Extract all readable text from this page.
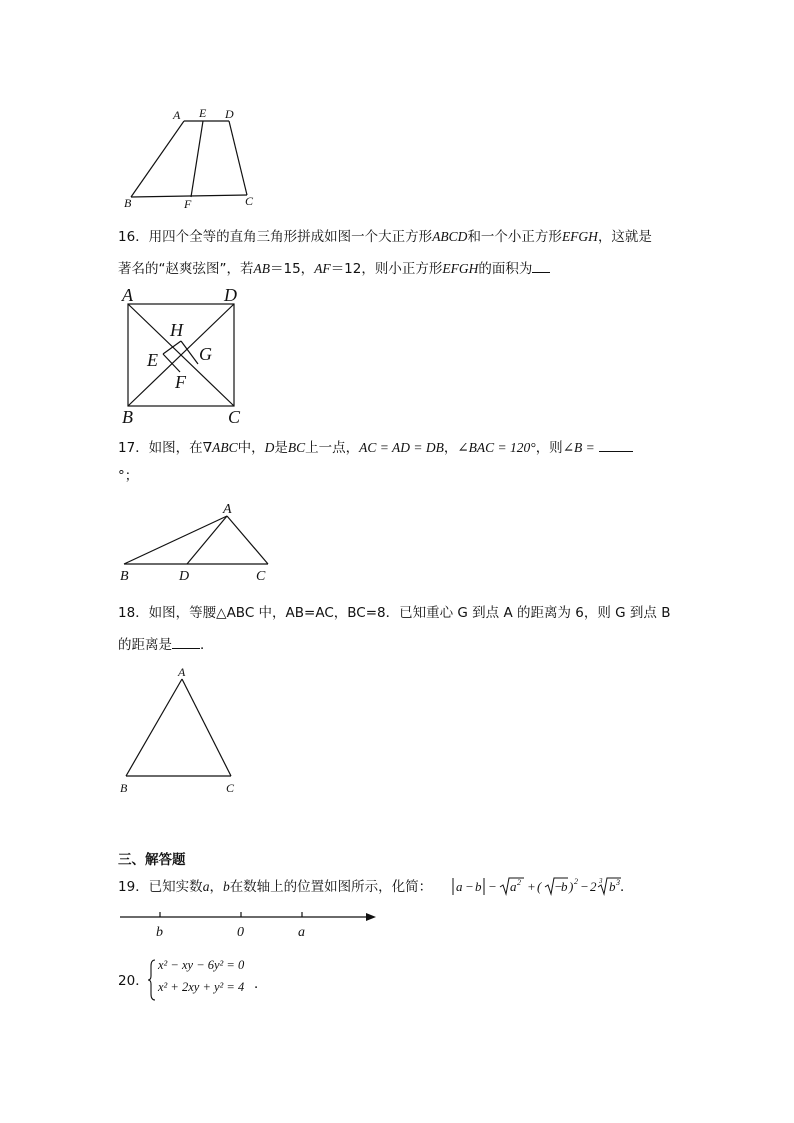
A E D
B	F	C
16．用四个全等的直角三角形拼成如图一个大正方形ABCD和一个小正方形EFGH，这就是
著名的“赵爽弦图”，若AB＝15，AF＝12，则小正方形EFGH的面积为
A	D
H
E G
F
B	C
17．如图，在∇ABC中，D是BC上一点，AC = AD = DB，∠BAC = 120°，则∠B =
°；
A
B	D	C
18．如图，等腰△ABC 中，AB=AC，BC=8．已知重心 G 到点 A 的距离为 6，则 G 到点 B
的距离是 ．
A
B	C
三、解答题
19．已知实数a，b在数轴上的位置如图所示，化简： a − b − a 2 + ( −
b ) 2 − 2 3 b 3 ．
b	0	a
20．
x² − xy − 6y² = 0
x² + 2xy + y² = 4 ．
